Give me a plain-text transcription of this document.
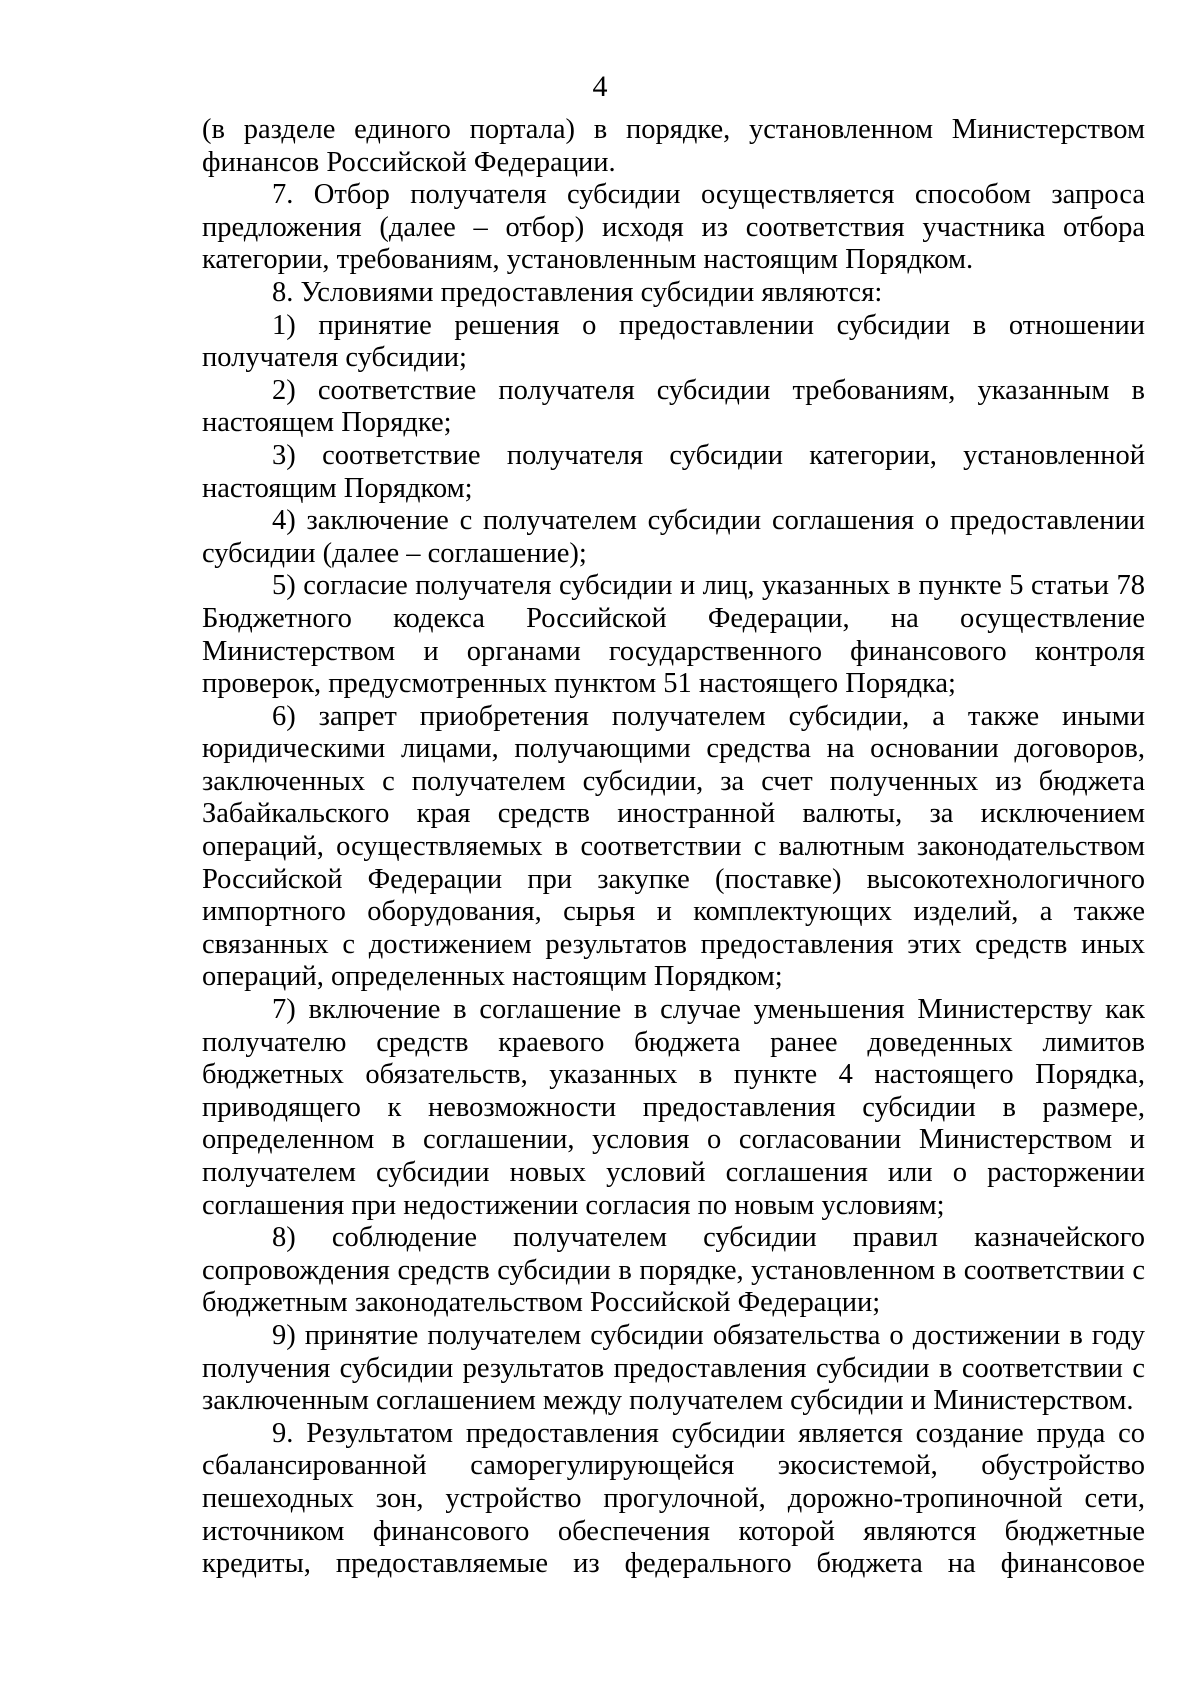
4
(в разделе единого портала) в порядке, установленном Министерством
финансов Российской Федерации.
7. Отбор получателя субсидии осуществляется способом запроса
предложения (далее – отбор) исходя из соответствия участника отбора
категории, требованиям, установленным настоящим Порядком.
8. Условиями предоставления субсидии являются:
1) принятие решения о предоставлении субсидии в отношении
получателя субсидии;
2) соответствие получателя субсидии требованиям, указанным в
настоящем Порядке;
3) соответствие получателя субсидии категории, установленной
настоящим Порядком;
4) заключение с получателем субсидии соглашения о предоставлении
субсидии (далее – соглашение);
5) согласие получателя субсидии и лиц, указанных в пункте 5 статьи 78
Бюджетного кодекса Российской Федерации, на осуществление
Министерством и органами государственного финансового контроля
проверок, предусмотренных пунктом 51 настоящего Порядка;
6) запрет приобретения получателем субсидии, а также иными
юридическими лицами, получающими средства на основании договоров,
заключенных с получателем субсидии, за счет полученных из бюджета
Забайкальского края средств иностранной валюты, за исключением
операций, осуществляемых в соответствии с валютным законодательством
Российской Федерации при закупке (поставке) высокотехнологичного
импортного оборудования, сырья и комплектующих изделий, а также
связанных с достижением результатов предоставления этих средств иных
операций, определенных настоящим Порядком;
7) включение в соглашение в случае уменьшения Министерству как
получателю средств краевого бюджета ранее доведенных лимитов
бюджетных обязательств, указанных в пункте 4 настоящего Порядка,
приводящего к невозможности предоставления субсидии в размере,
определенном в соглашении, условия о согласовании Министерством и
получателем субсидии новых условий соглашения или о расторжении
соглашения при недостижении согласия по новым условиям;
8) соблюдение получателем субсидии правил казначейского
сопровождения средств субсидии в порядке, установленном в соответствии с
бюджетным законодательством Российской Федерации;
9) принятие получателем субсидии обязательства о достижении в году
получения субсидии результатов предоставления субсидии в соответствии с
заключенным соглашением между получателем субсидии и Министерством.
9. Результатом предоставления субсидии является создание пруда со
сбалансированной саморегулирующейся экосистемой, обустройство
пешеходных зон, устройство прогулочной, дорожно-тропиночной сети,
источником финансового обеспечения которой являются бюджетные
кредиты, предоставляемые из федерального бюджета на финансовое
